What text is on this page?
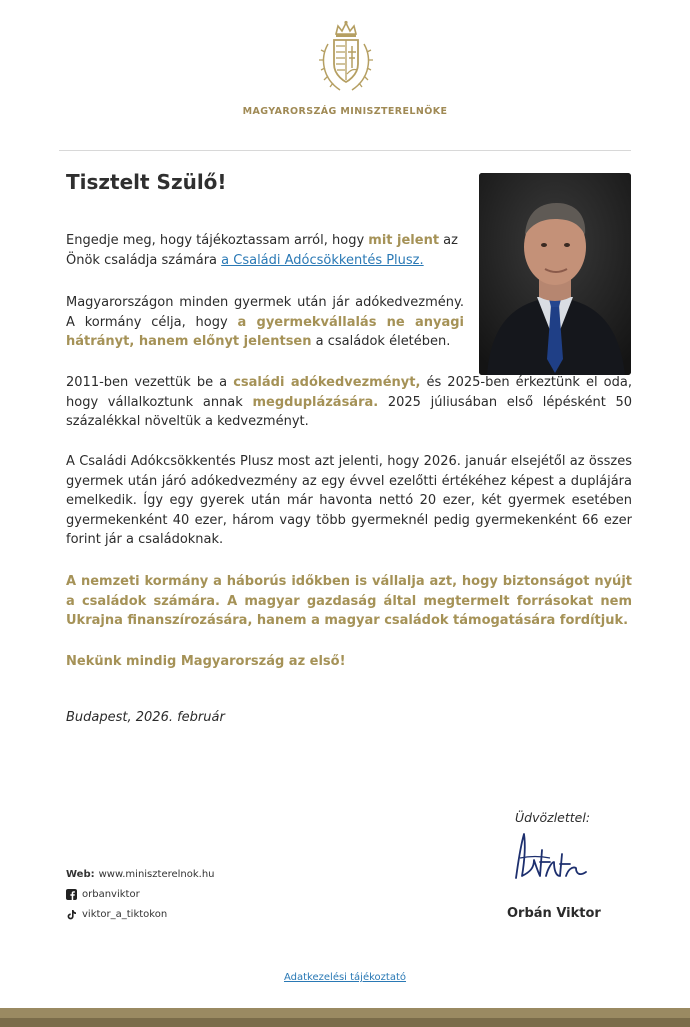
MAGYARORSZÁG MINISZTERELNÖKE
Tisztelt Szülő!
Engedje meg, hogy tájékoztassam arról, hogy mit jelent az Önök családja számára a Családi Adócsökkentés Plusz.
Magyarországon minden gyermek után jár adókedvezmény. A kormány célja, hogy a gyermekvállalás ne anyagi hátrányt, hanem előnyt jelentsen a családok életében.
2011-ben vezettük be a családi adókedvezményt, és 2025-ben érkeztünk el oda, hogy vállalkoztunk annak megduplázására. 2025 júliusában első lépésként 50 százalékkal növeltük a kedvezményt.
A Családi Adókcsökkentés Plusz most azt jelenti, hogy 2026. január elsejétől az összes gyermek után járó adókedvezmény az egy évvel ezelőtti értékéhez képest a duplájára emelkedik. Így egy gyerek után már havonta nettó 20 ezer, két gyermek esetében gyermekenként 40 ezer, három vagy több gyermeknél pedig gyermekenként 66 ezer forint jár a családoknak.
A nemzeti kormány a háborús időkben is vállalja azt, hogy biztonságot nyújt a családok számára. A magyar gazdaság által megtermelt forrásokat nem Ukrajna finanszírozására, hanem a magyar családok támogatására fordítjuk.
Nekünk mindig Magyarország az első!
Budapest, 2026. február
Üdvözlettel:
Orbán Viktor
Web: www.miniszterelnok.hu
orbanviktor
viktor_a_tiktokon
Adatkezelési tájékoztató
